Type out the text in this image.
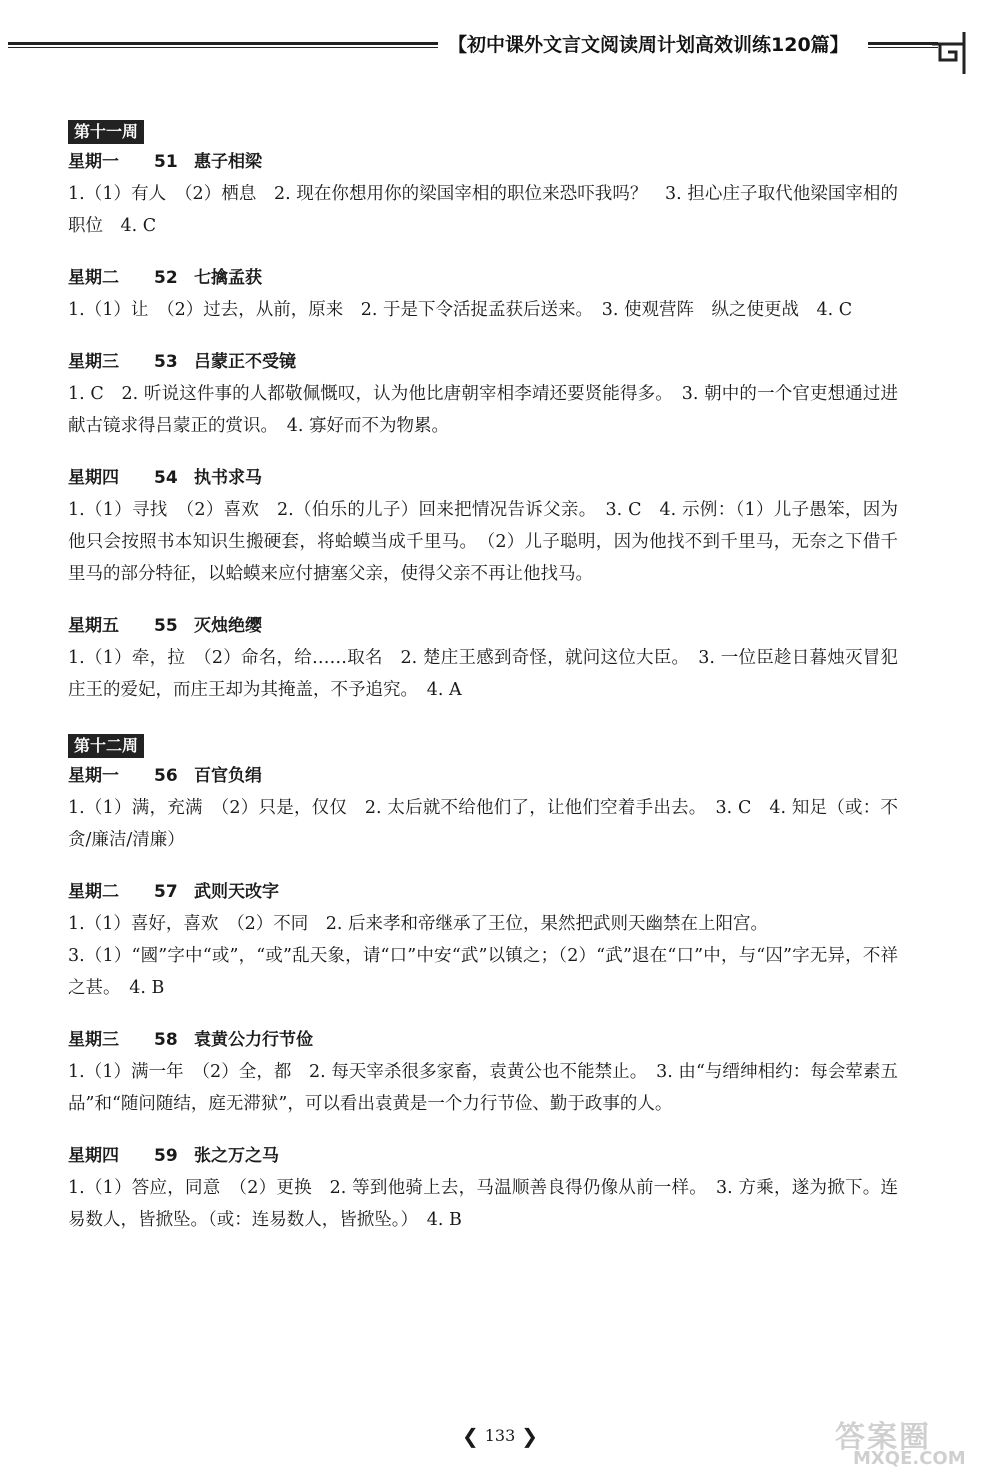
【初中课外文言文阅读周计划高效训练120篇】
第十一周
星期一 51 惠子相梁
1.（1）有人　（2）栖息　2. 现在你想用你的梁国宰相的职位来恐吓我吗？　3. 担心庄子取代他梁国宰相的职位　4. C
星期二 52 七擒孟获
1.（1）让　（2）过去，从前，原来　2. 于是下令活捉孟获后送来。　3. 使观营阵　纵之使更战　4. C
星期三 53 吕蒙正不受镜
1. C　2. 听说这件事的人都敬佩慨叹，认为他比唐朝宰相李靖还要贤能得多。　3. 朝中的一个官吏想通过进献古镜求得吕蒙正的赏识。　4. 寡好而不为物累。
星期四 54 执书求马
1.（1）寻找　（2）喜欢　2.（伯乐的儿子）回来把情况告诉父亲。　3. C　4. 示例：（1）儿子愚笨，因为他只会按照书本知识生搬硬套，将蛤蟆当成千里马。　（2）儿子聪明，因为他找不到千里马，无奈之下借千里马的部分特征，以蛤蟆来应付搪塞父亲，使得父亲不再让他找马。
星期五 55 灭烛绝缨
1.（1）牵，拉　（2）命名，给……取名　2. 楚庄王感到奇怪，就问这位大臣。　3. 一位臣趁日暮烛灭冒犯庄王的爱妃，而庄王却为其掩盖，不予追究。　4. A
第十二周
星期一 56 百官负绢
1.（1）满，充满　（2）只是，仅仅　2. 太后就不给他们了，让他们空着手出去。　3. C　4. 知足（或：不贪/廉洁/清廉）
星期二 57 武则天改字
1.（1）喜好，喜欢　（2）不同　2. 后来孝和帝继承了王位，果然把武则天幽禁在上阳宫。
3.（1）“國”字中“或”，“或”乱天象，请“口”中安“武”以镇之；（2）“武”退在“口”中，与“囚”字无异，不祥之甚。　4. B
星期三 58 袁黄公力行节俭
1.（1）满一年　（2）全，都　2. 每天宰杀很多家畜，袁黄公也不能禁止。　3. 由“与缙绅相约：每会荤素五品”和“随问随结，庭无滞狱”，可以看出袁黄是一个力行节俭、勤于政事的人。
星期四 59 张之万之马
1.（1）答应，同意　（2）更换　2. 等到他骑上去，马温顺善良得仍像从前一样。　3. 方乘，遂为掀下。连易数人，皆掀坠。（或：连易数人，皆掀坠。）　4. B
❮ 133 ❯	答案圈
MXQE.COM
